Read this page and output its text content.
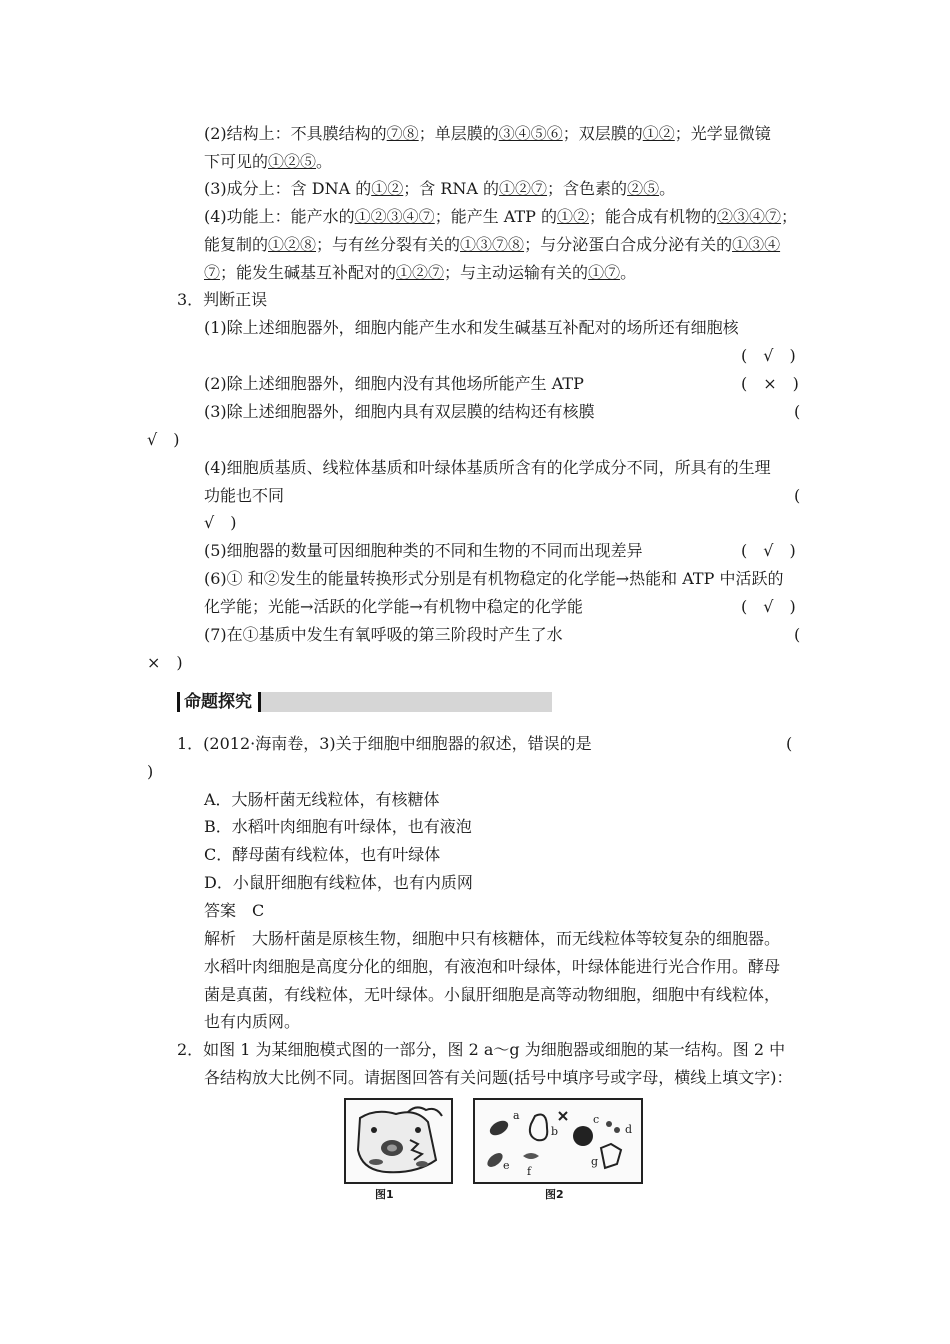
(2)结构上：不具膜结构的⑦⑧；单层膜的③④⑤⑥；双层膜的①②；光学显微镜
下可见的①②⑤。
(3)成分上：含 DNA 的①②；含 RNA 的①②⑦；含色素的②⑤。
(4)功能上：能产水的①②③④⑦；能产生 ATP 的①②；能合成有机物的②③④⑦；
能复制的①②⑧；与有丝分裂有关的①③⑦⑧；与分泌蛋白合成分泌有关的①③④
⑦；能发生碱基互补配对的①②⑦；与主动运输有关的①⑦。
3．判断正误
(1)除上述细胞器外，细胞内能产生水和发生碱基互补配对的场所还有细胞核
(　√　)
(2)除上述细胞器外，细胞内没有其他场所能产生 ATP	(　×　)
(3)除上述细胞器外，细胞内具有双层膜的结构还有核膜	(
√　)
(4)细胞质基质、线粒体基质和叶绿体基质所含有的化学成分不同，所具有的生理
功能也不同	(
√　)
(5)细胞器的数量可因细胞种类的不同和生物的不同而出现差异	(　√　)
(6)① 和②发生的能量转换形式分别是有机物稳定的化学能→热能和 ATP 中活跃的
化学能；光能→活跃的化学能→有机物中稳定的化学能	(　√　)
(7)在①基质中发生有氧呼吸的第三阶段时产生了水	(
×　)
命题探究
1．(2012·海南卷，3)关于细胞中细胞器的叙述，错误的是	(
)
A．大肠杆菌无线粒体，有核糖体
B．水稻叶肉细胞有叶绿体，也有液泡
C．酵母菌有线粒体，也有叶绿体
D．小鼠肝细胞有线粒体，也有内质网
答案　C
解析　大肠杆菌是原核生物，细胞中只有核糖体，而无线粒体等较复杂的细胞器。
水稻叶肉细胞是高度分化的细胞，有液泡和叶绿体，叶绿体能进行光合作用。酵母
菌是真菌，有线粒体，无叶绿体。小鼠肝细胞是高等动物细胞，细胞中有线粒体，
也有内质网。
2．如图 1 为某细胞模式图的一部分，图 2 a～g 为细胞器或细胞的某一结构。图 2 中
各结构放大比例不同。请据图回答有关问题(括号中填序号或字母，横线上填文字)：
图1
a
b
c
d
e f
g
图2
